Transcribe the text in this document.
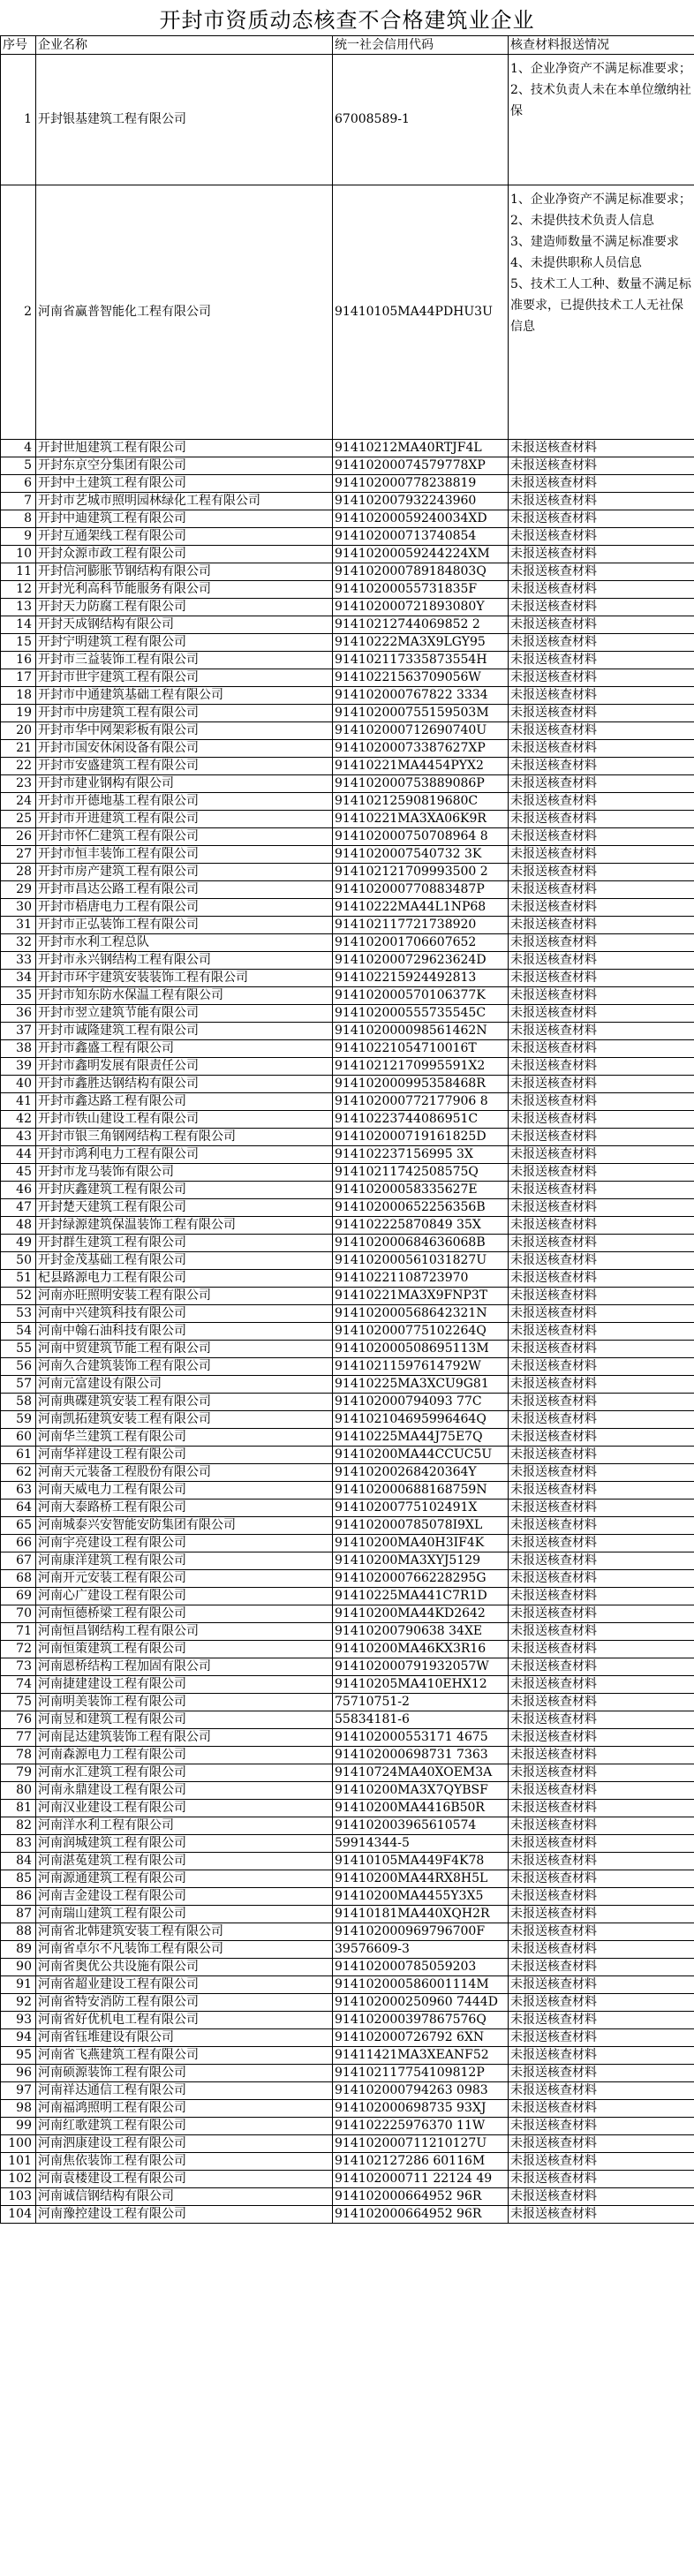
开封市资质动态核查不合格建筑业企业
序号	企业名称	统一社会信用代码	核查材料报送情况
1	开封银基建筑工程有限公司	67008589-1	1、企业净资产不满足标准要求；
2、技术负责人未在本单位缴纳社保

2	河南省赢普智能化工程有限公司	91410105MA44PDHU3U	1、企业净资产不满足标准要求；
2、未提供技术负责人信息
3、建造师数量不满足标准要求
4、未提供职称人员信息
5、技术工人工种、数量不满足标准要求，已提供技术工人无社保信息

4	开封世旭建筑工程有限公司	91410212MA40RTJF4L	未报送核查材料
5	开封东京空分集团有限公司	91410200074579778XP	未报送核查材料
6	开封中土建筑工程有限公司	914102000778238819	未报送核查材料
7	开封市艺城市照明园林绿化工程有限公司	914102007932243960	未报送核查材料
8	开封中迪建筑工程有限公司	91410200059240034XD	未报送核查材料
9	开封互通架线工程有限公司	914102000713740854	未报送核查材料
10	开封众源市政工程有限公司	91410200059244224XM	未报送核查材料
11	开封信河膨胀节钢结构有限公司	914102000789184803Q	未报送核查材料
12	开封光利高科节能服务有限公司	91410200055731835F	未报送核查材料
13	开封天力防腐工程有限公司	914102000721893080Y	未报送核查材料
14	开封天成钢结构有限公司	91410212744069852 2	未报送核查材料
15	开封宁明建筑工程有限公司	91410222MA3X9LGY95	未报送核查材料
16	开封市三益装饰工程有限公司	914102117335873554H	未报送核查材料
17	开封市世宇建筑工程有限公司	91410221563709056W	未报送核查材料
18	开封市中通建筑基础工程有限公司	914102000767822 3334	未报送核查材料
19	开封市中房建筑工程有限公司	914102000755159503M	未报送核查材料
20	开封市华中网架彩板有限公司	914102000712690740U	未报送核查材料
21	开封市国安休闲设备有限公司	91410200073387627XP	未报送核查材料
22	开封市安盛建筑工程有限公司	91410221MA4454PYX2	未报送核查材料
23	开封市建业钢构有限公司	914102000753889086P	未报送核查材料
24	开封市开德地基工程有限公司	91410212590819680C	未报送核查材料
25	开封市开进建筑工程有限公司	91410221MA3XA06K9R	未报送核查材料
26	开封市怀仁建筑工程有限公司	914102000750708964 8	未报送核查材料
27	开封市恒丰装饰工程有限公司	9141020007540732 3K	未报送核查材料
28	开封市房产建筑工程有限公司	914102121709993500 2	未报送核查材料
29	开封市昌达公路工程有限公司	914102000770883487P	未报送核查材料
30	开封市梧唐电力工程有限公司	91410222MA44L1NP68	未报送核查材料
31	开封市正弘装饰工程有限公司	914102117721738920	未报送核查材料
32	开封市水利工程总队	914102001706607652	未报送核查材料
33	开封市永兴钢结构工程有限公司	914102000729623624D	未报送核查材料
34	开封市环宇建筑安装装饰工程有限公司	914102215924492813	未报送核查材料
35	开封市知东防水保温工程有限公司	914102000570106377K	未报送核查材料
36	开封市翌立建筑节能有限公司	914102000555735545C	未报送核查材料
37	开封市诚隆建筑工程有限公司	914102000098561462N	未报送核查材料
38	开封市鑫盛工程有限公司	91410221054710016T	未报送核查材料
39	开封市鑫明发展有限责任公司	91410212170995591X2	未报送核查材料
40	开封市鑫胜达钢结构有限公司	914102000995358468R	未报送核查材料
41	开封市鑫达路工程有限公司	914102000772177906 8	未报送核查材料
42	开封市铁山建设工程有限公司	91410223744086951C	未报送核查材料
43	开封市银三角钢网结构工程有限公司	914102000719161825D	未报送核查材料
44	开封市鸿利电力工程有限公司	914102237156995 3X	未报送核查材料
45	开封市龙马装饰有限公司	91410211742508575Q	未报送核查材料
46	开封庆鑫建筑工程有限公司	91410200058335627E	未报送核查材料
47	开封楚天建筑工程有限公司	914102000652256356B	未报送核查材料
48	开封绿源建筑保温装饰工程有限公司	914102225870849 35X	未报送核查材料
49	开封群生建筑工程有限公司	914102000684636068B	未报送核查材料
50	开封金茂基础工程有限公司	914102000561031827U	未报送核查材料
51	杞县路源电力工程有限公司	91410221108723970	未报送核查材料
52	河南亦旺照明安装工程有限公司	91410221MA3X9FNP3T	未报送核查材料
53	河南中兴建筑科技有限公司	914102000568642321N	未报送核查材料
54	河南中翰石油科技有限公司	914102000775102264Q	未报送核查材料
55	河南中贸建筑节能工程有限公司	914102000508695113M	未报送核查材料
56	河南久合建筑装饰工程有限公司	91410211597614792W	未报送核查材料
57	河南元富建设有限公司	91410225MA3XCU9G81	未报送核查材料
58	河南典碟建筑安装工程有限公司	914102000794093 77C	未报送核查材料
59	河南凯拓建筑安装工程有限公司	914102104695996464Q	未报送核查材料
60	河南华兰建筑工程有限公司	91410225MA44J75E7Q	未报送核查材料
61	河南华祥建设工程有限公司	91410200MA44CCUC5U	未报送核查材料
62	河南天元装备工程股份有限公司	91410200268420364Y	未报送核查材料
63	河南天威电力工程有限公司	914102000688168759N	未报送核查材料
64	河南大泰路桥工程有限公司	91410200775102491X	未报送核查材料
65	河南城泰兴安智能安防集团有限公司	914102000785078I9XL	未报送核查材料
66	河南宇亮建设工程有限公司	91410200MA40H3IF4K	未报送核查材料
67	河南康洋建筑工程有限公司	91410200MA3XYJ5129	未报送核查材料
68	河南开元安装工程有限公司	914102000766228295G	未报送核查材料
69	河南心广建设工程有限公司	91410225MA441C7R1D	未报送核查材料
70	河南恒德桥梁工程有限公司	91410200MA44KD2642	未报送核查材料
71	河南恒昌钢结构工程有限公司	91410200790638 34XE	未报送核查材料
72	河南恒策建筑工程有限公司	91410200MA46KX3R16	未报送核查材料
73	河南恩桥结构工程加固有限公司	914102000791932057W	未报送核查材料
74	河南捷建建设工程有限公司	91410205MA410EHX12	未报送核查材料
75	河南明美装饰工程有限公司	75710751-2	未报送核查材料
76	河南昱和建筑工程有限公司	55834181-6	未报送核查材料
77	河南昆达建筑装饰工程有限公司	914102000553171 4675	未报送核查材料
78	河南森源电力工程有限公司	914102000698731 7363	未报送核查材料
79	河南水汇建筑工程有限公司	91410724MA40XOEM3A	未报送核查材料
80	河南永鼎建设工程有限公司	91410200MA3X7QYBSF	未报送核查材料
81	河南汉业建设工程有限公司	91410200MA4416B50R	未报送核查材料
82	河南洋水利工程有限公司	914102003965610574	未报送核查材料
83	河南润城建筑工程有限公司	59914344-5	未报送核查材料
84	河南湛菟建筑工程有限公司	91410105MA449F4K78	未报送核查材料
85	河南源通建筑工程有限公司	91410200MA44RX8H5L	未报送核查材料
86	河南吉金建设工程有限公司	91410200MA4455Y3X5	未报送核查材料
87	河南瑞山建筑工程有限公司	91410181MA440XQH2R	未报送核查材料
88	河南省北韩建筑安装工程有限公司	914102000969796700F	未报送核查材料
89	河南省卓尔不凡装饰工程有限公司	39576609-3	未报送核查材料
90	河南省奥优公共设施有限公司	914102000785059203	未报送核查材料
91	河南省超业建设工程有限公司	914102000586001114M	未报送核查材料
92	河南省特安消防工程有限公司	914102000250960 7444D	未报送核查材料
93	河南省好优机电工程有限公司	914102000397867576Q	未报送核查材料
94	河南省钰堆建设有限公司	914102000726792 6XN	未报送核查材料
95	河南省飞燕建筑工程有限公司	91411421MA3XEANF52	未报送核查材料
96	河南硕源装饰工程有限公司	914102117754109812P	未报送核查材料
97	河南祥达通信工程有限公司	914102000794263 0983	未报送核查材料
98	河南福鸿照明工程有限公司	914102000698735 93XJ	未报送核查材料
99	河南红歌建筑工程有限公司	914102225976370 11W	未报送核查材料
100	河南泗康建设工程有限公司	914102000711210127U	未报送核查材料
101	河南焦依装饰工程有限公司	914102127286 60116M	未报送核查材料
102	河南袁楼建设工程有限公司	914102000711 22124 49	未报送核查材料
103	河南诚信钢结构有限公司	914102000664952 96R	未报送核查材料
104	河南豫控建设工程有限公司	914102000664952 96R	未报送核查材料
